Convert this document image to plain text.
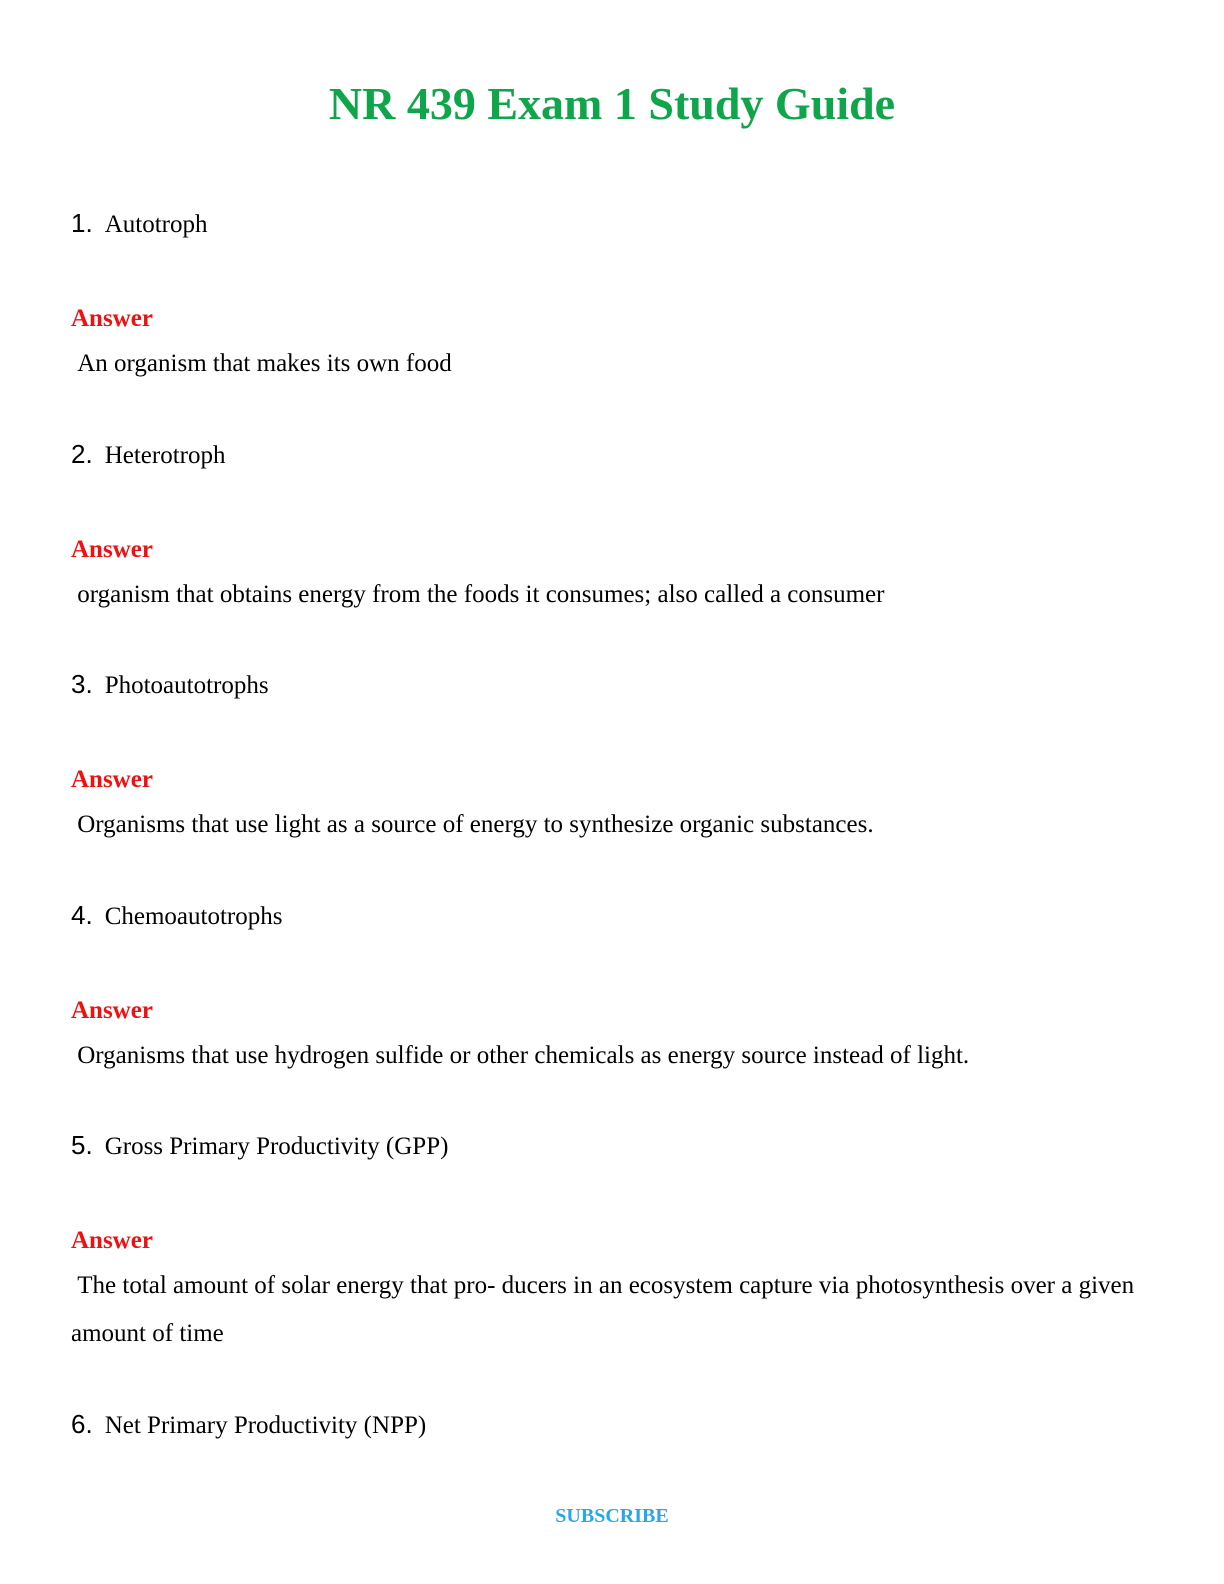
NR 439 Exam 1 Study Guide
1. Autotroph
Answer
An organism that makes its own food
2. Heterotroph
Answer
organism that obtains energy from the foods it consumes; also called a consumer
3. Photoautotrophs
Answer
Organisms that use light as a source of energy to synthesize organic substances.
4. Chemoautotrophs
Answer
Organisms that use hydrogen sulfide or other chemicals as energy source instead of light.
5. Gross Primary Productivity (GPP)
Answer
The total amount of solar energy that pro- ducers in an ecosystem capture via photosynthesis over a given amount of time
6. Net Primary Productivity (NPP)
SUBSCRIBE
